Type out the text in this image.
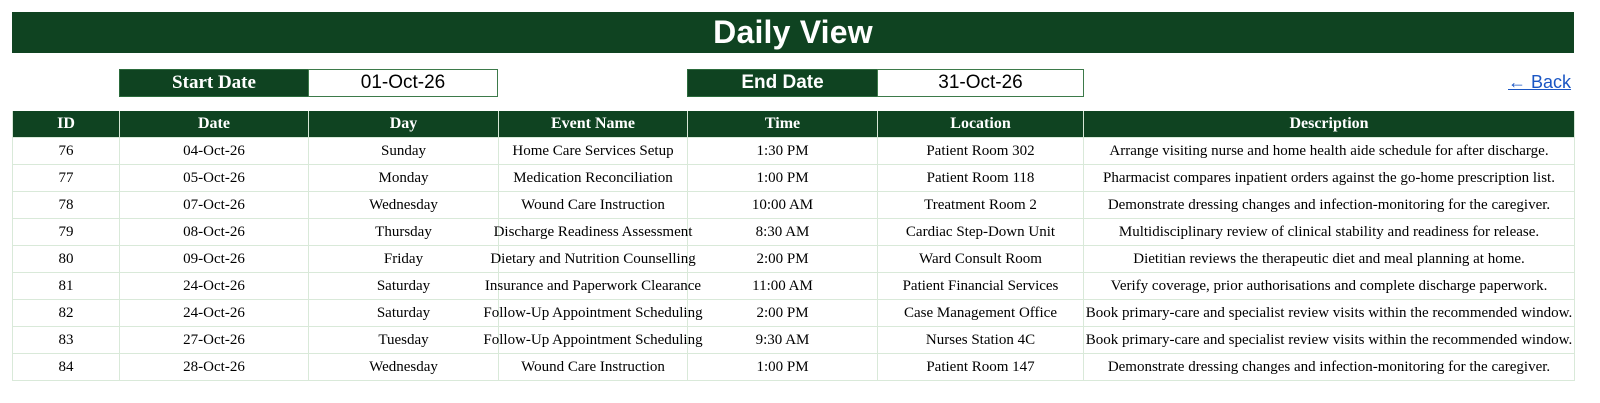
Daily View
Start Date	01-Oct-26	End Date	31-Oct-26	← Back
ID	Date	Day	Event Name	Time	Location	Description

76	04-Oct-26	Sunday	Home Care Services Setup	1:30 PM	Patient Room 302	Arrange visiting nurse and home health aide schedule for after discharge.

77	05-Oct-26	Monday	Medication Reconciliation	1:00 PM	Patient Room 118	Pharmacist compares inpatient orders against the go-home prescription list.

78	07-Oct-26	Wednesday	Wound Care Instruction	10:00 AM	Treatment Room 2	Demonstrate dressing changes and infection-monitoring for the caregiver.

79	08-Oct-26	Thursday	Discharge Readiness Assessment	8:30 AM	Cardiac Step-Down Unit	Multidisciplinary review of clinical stability and readiness for release.

80	09-Oct-26	Friday	Dietary and Nutrition Counselling	2:00 PM	Ward Consult Room	Dietitian reviews the therapeutic diet and meal planning at home.

81	24-Oct-26	Saturday	Insurance and Paperwork Clearance	11:00 AM	Patient Financial Services	Verify coverage, prior authorisations and complete discharge paperwork.

82	24-Oct-26	Saturday	Follow-Up Appointment Scheduling	2:00 PM	Case Management Office	Book primary-care and specialist review visits within the recommended window.

83	27-Oct-26	Tuesday	Follow-Up Appointment Scheduling	9:30 AM	Nurses Station 4C	Book primary-care and specialist review visits within the recommended window.

84	28-Oct-26	Wednesday	Wound Care Instruction	1:00 PM	Patient Room 147	Demonstrate dressing changes and infection-monitoring for the caregiver.
